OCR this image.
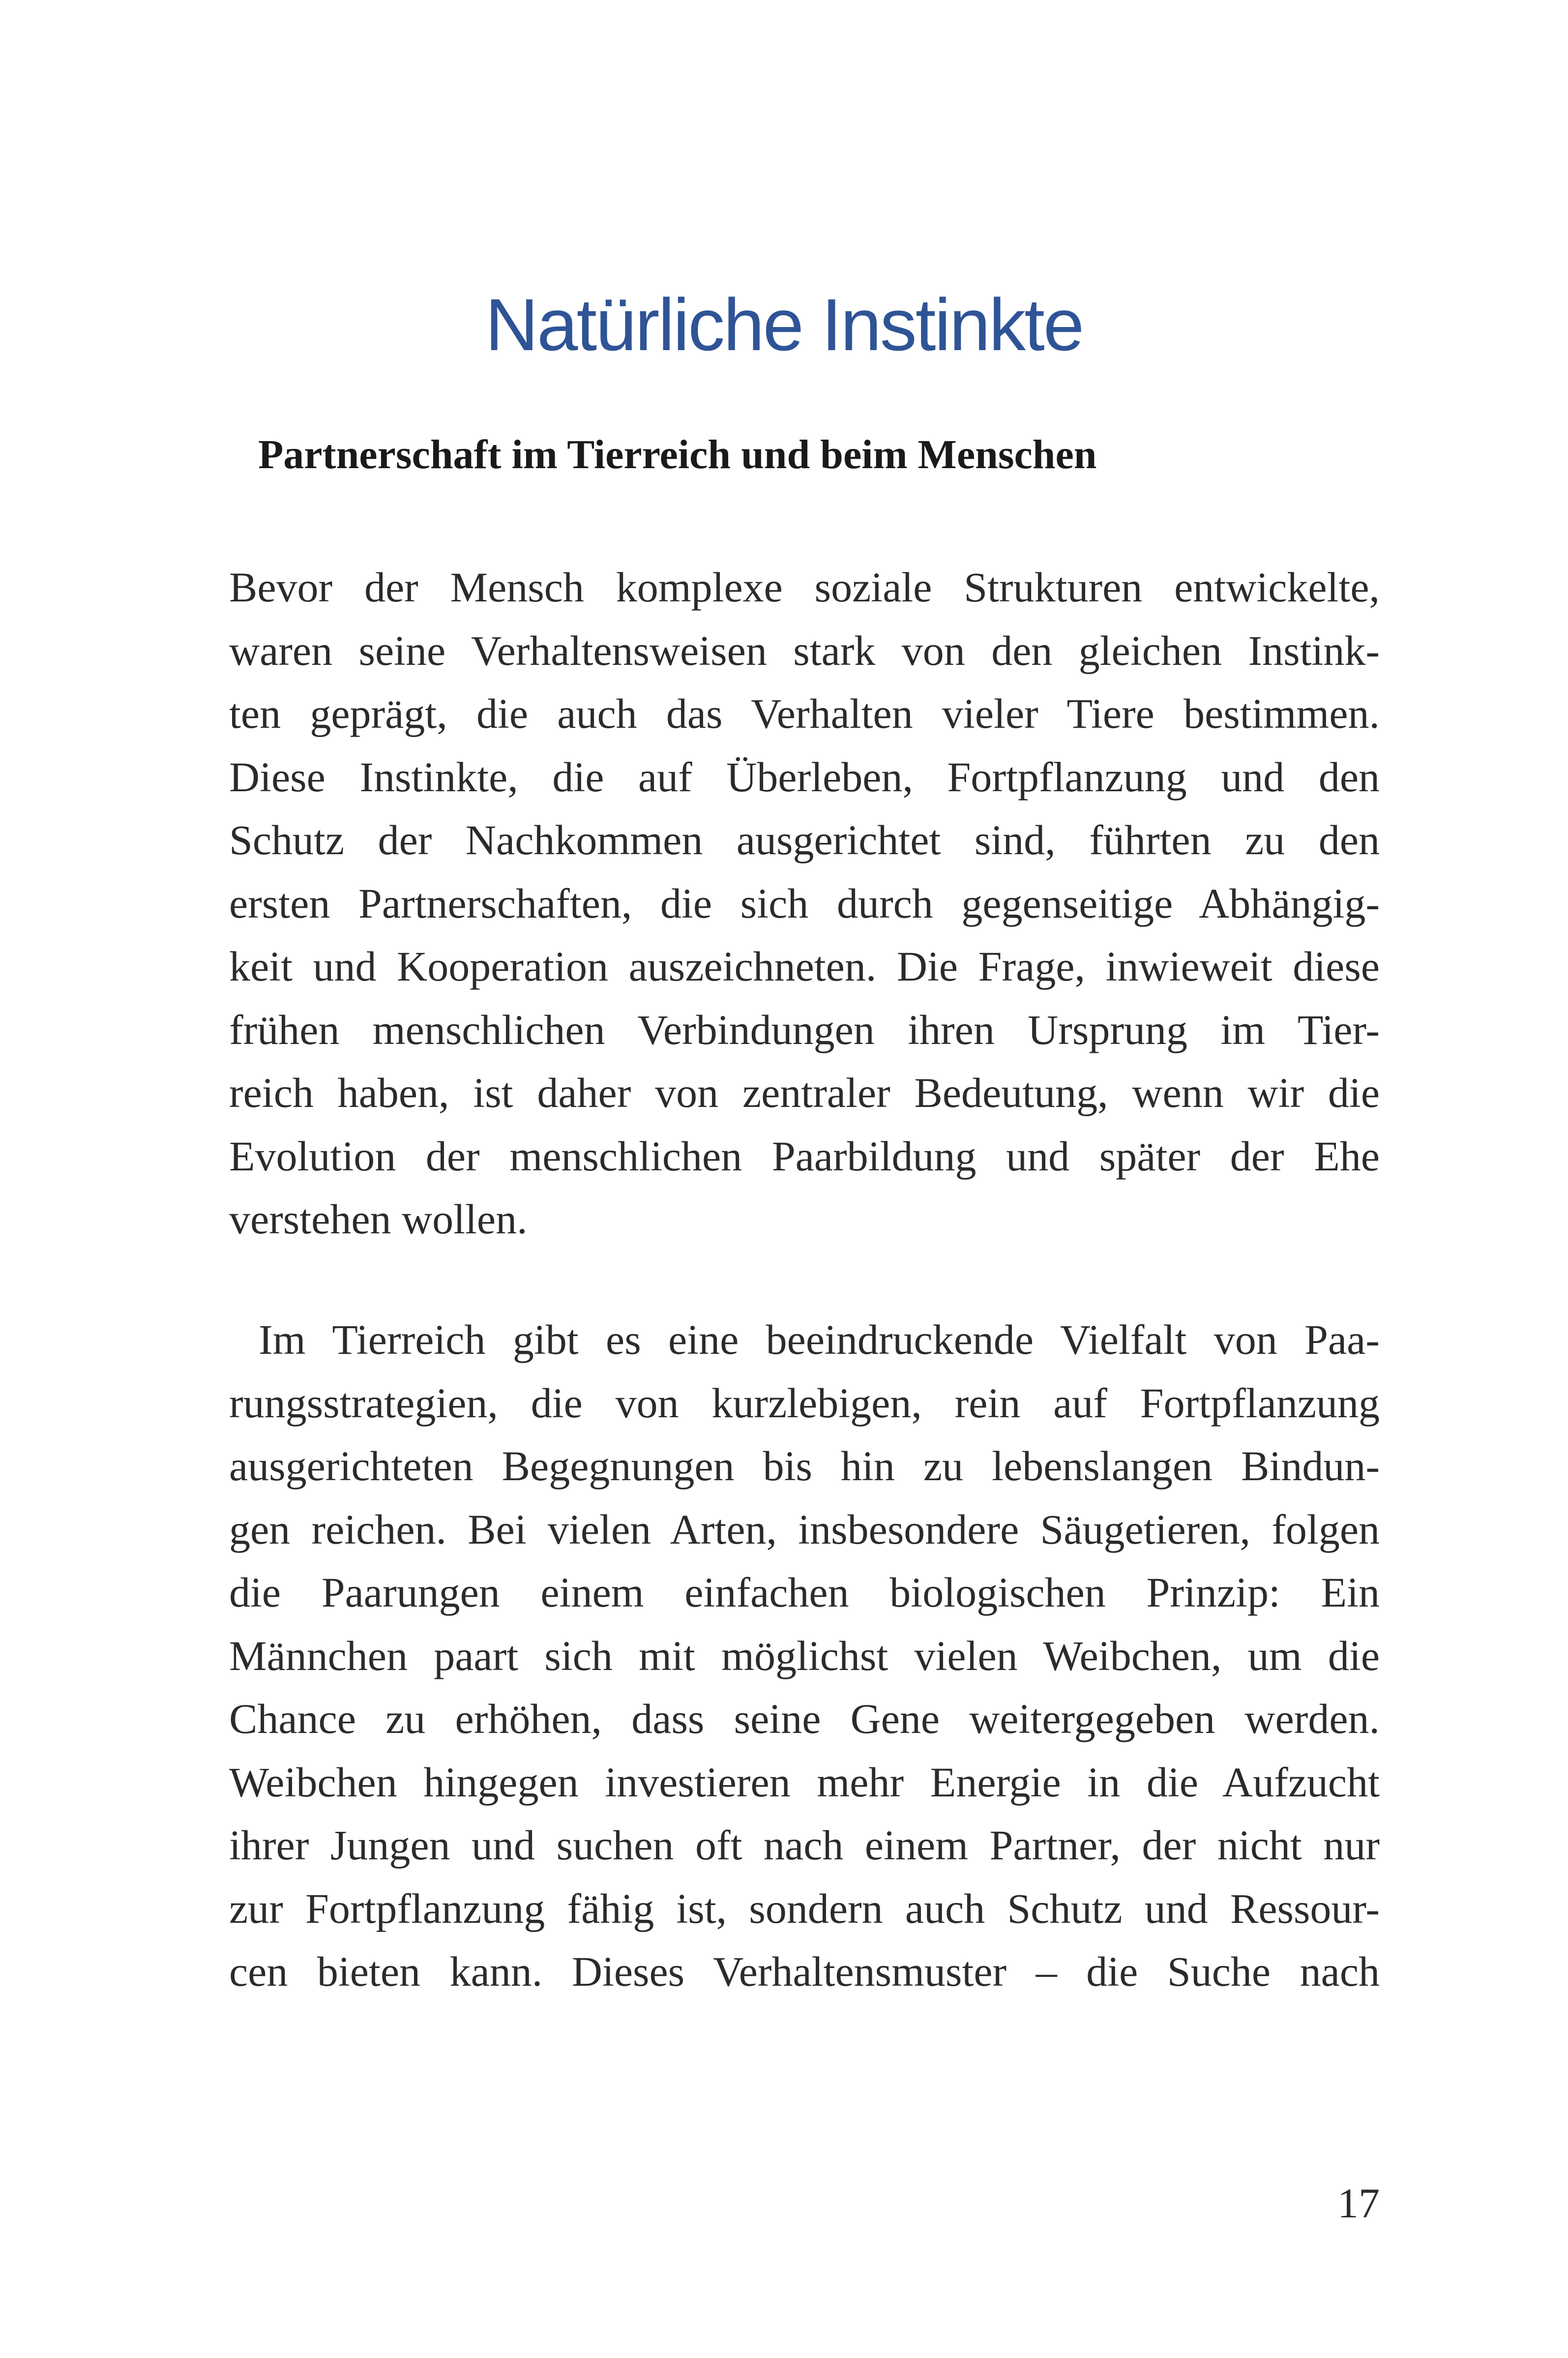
Natürliche Instinkte
Partnerschaft im Tierreich und beim Menschen
Bevor der Mensch komplexe soziale Strukturen entwickelte,
waren seine Verhaltensweisen stark von den gleichen Instink-
ten geprägt, die auch das Verhalten vieler Tiere bestimmen.
Diese Instinkte, die auf Überleben, Fortpflanzung und den
Schutz der Nachkommen ausgerichtet sind, führten zu den
ersten Partnerschaften, die sich durch gegenseitige Abhängig-
keit und Kooperation auszeichneten. Die Frage, inwieweit diese
frühen menschlichen Verbindungen ihren Ursprung im Tier-
reich haben, ist daher von zentraler Bedeutung, wenn wir die
Evolution der menschlichen Paarbildung und später der Ehe
verstehen wollen.
Im Tierreich gibt es eine beeindruckende Vielfalt von Paa-
rungsstrategien, die von kurzlebigen, rein auf Fortpflanzung
ausgerichteten Begegnungen bis hin zu lebenslangen Bindun-
gen reichen. Bei vielen Arten, insbesondere Säugetieren, folgen
die Paarungen einem einfachen biologischen Prinzip: Ein
Männchen paart sich mit möglichst vielen Weibchen, um die
Chance zu erhöhen, dass seine Gene weitergegeben werden.
Weibchen hingegen investieren mehr Energie in die Aufzucht
ihrer Jungen und suchen oft nach einem Partner, der nicht nur
zur Fortpflanzung fähig ist, sondern auch Schutz und Ressour-
cen bieten kann. Dieses Verhaltensmuster – die Suche nach
17
